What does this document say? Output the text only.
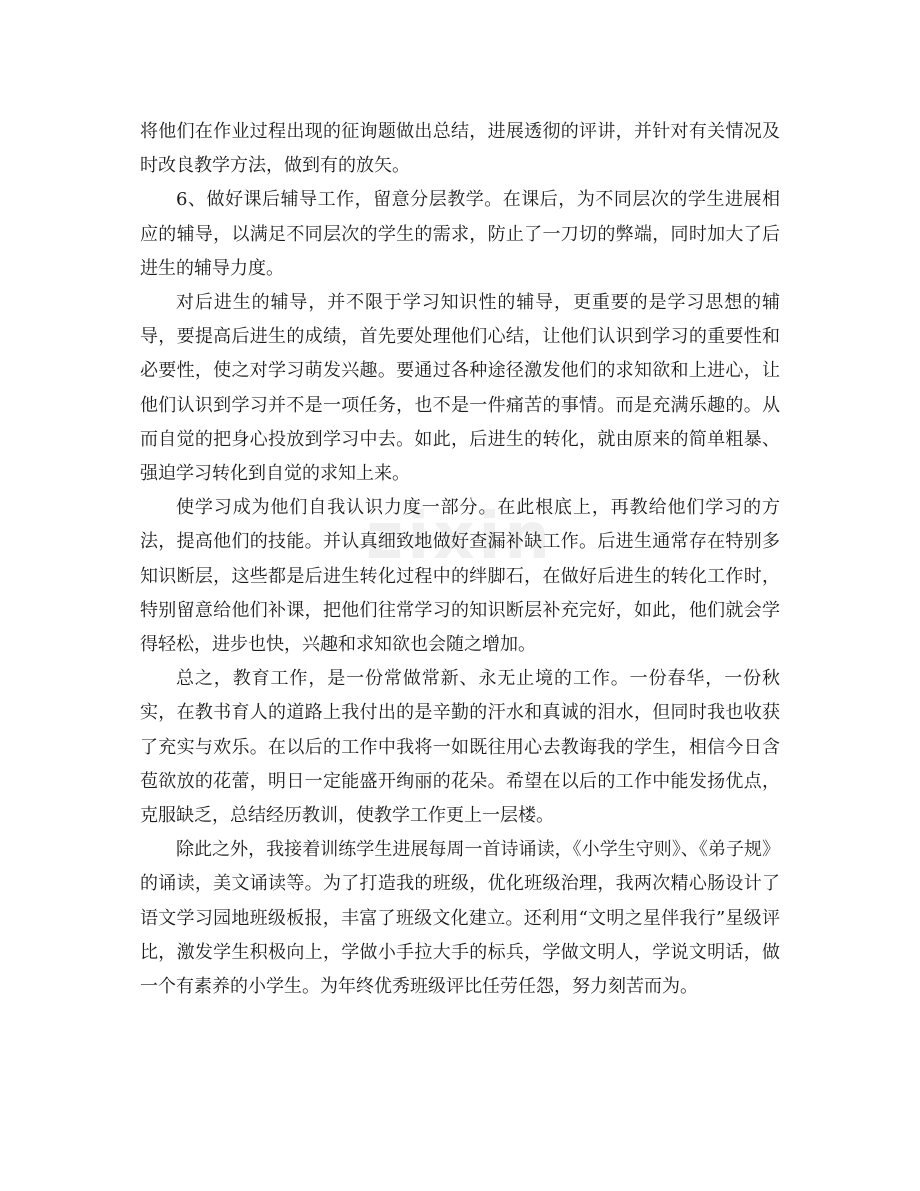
zixin

将他们在作业过程出现的征询题做出总结，进展透彻的评讲，并针对有关情况及时改良教学方法，做到有的放矢。

6、做好课后辅导工作，留意分层教学。在课后，为不同层次的学生进展相应的辅导，以满足不同层次的学生的需求，防止了一刀切的弊端，同时加大了后进生的辅导力度。

对后进生的辅导，并不限于学习知识性的辅导，更重要的是学习思想的辅导，要提高后进生的成绩，首先要处理他们心结，让他们认识到学习的重要性和必要性，使之对学习萌发兴趣。要通过各种途径激发他们的求知欲和上进心，让他们认识到学习并不是一项任务，也不是一件痛苦的事情。而是充满乐趣的。从而自觉的把身心投放到学习中去。如此，后进生的转化，就由原来的简单粗暴、强迫学习转化到自觉的求知上来。

使学习成为他们自我认识力度一部分。在此根底上，再教给他们学习的方法，提高他们的技能。并认真细致地做好查漏补缺工作。后进生通常存在特别多知识断层，这些都是后进生转化过程中的绊脚石，在做好后进生的转化工作时，特别留意给他们补课，把他们往常学习的知识断层补充完好，如此，他们就会学得轻松，进步也快，兴趣和求知欲也会随之增加。

总之，教育工作，是一份常做常新、永无止境的工作。一份春华，一份秋实，在教书育人的道路上我付出的是辛勤的汗水和真诚的泪水，但同时我也收获了充实与欢乐。在以后的工作中我将一如既往用心去教诲我的学生，相信今日含苞欲放的花蕾，明日一定能盛开绚丽的花朵。希望在以后的工作中能发扬优点，克服缺乏，总结经历教训，使教学工作更上一层楼。

除此之外，我接着训练学生进展每周一首诗诵读，《小学生守则》、《弟子规》的诵读，美文诵读等。为了打造我的班级，优化班级治理，我两次精心肠设计了语文学习园地班级板报，丰富了班级文化建立。还利用“文明之星伴我行”星级评比，激发学生积极向上，学做小手拉大手的标兵，学做文明人，学说文明话，做一个有素养的小学生。为年终优秀班级评比任劳任怨，努力刻苦而为。
